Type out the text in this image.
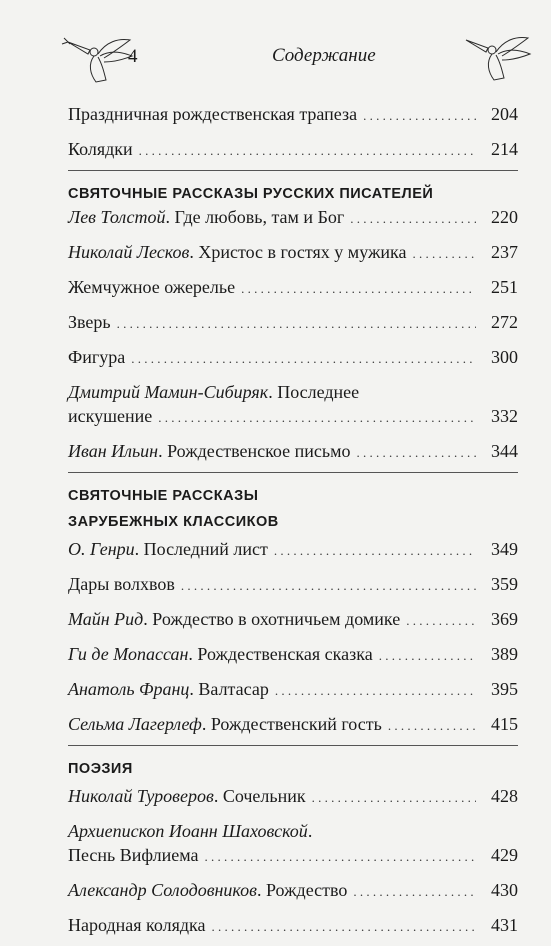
4	Содержание
Праздничная рождественская трапеза . . .	204
Колядки . . .	214
СВЯТОЧНЫЕ РАССКАЗЫ РУССКИХ ПИСАТЕЛЕЙ
Лев Толстой. Где любовь, там и Бог . . .	220
Николай Лесков. Христос в гостях у мужика . . .	237
Жемчужное ожерелье . . .	251
Зверь . . .	272
Фигура . . .	300
Дмитрий Мамин-Сибиряк. Последнее
искушение . . .	332
Иван Ильин. Рождественское письмо . . .	344
СВЯТОЧНЫЕ РАССКАЗЫ
ЗАРУБЕЖНЫХ КЛАССИКОВ
О. Генри. Последний лист . . .	349
Дары волхвов . . .	359
Майн Рид. Рождество в охотничьем домике . . .	369
Ги де Мопассан. Рождественская сказка . . .	389
Анатоль Франц. Валтасар . . .	395
Сельма Лагерлеф. Рождественский гость . . .	415
ПОЭЗИЯ
Николай Туроверов. Сочельник . . .	428
Архиепископ Иоанн Шаховской.
Песнь Вифлиема . . .	429
Александр Солодовников. Рождество . . .	430
Народная колядка . . .	431
